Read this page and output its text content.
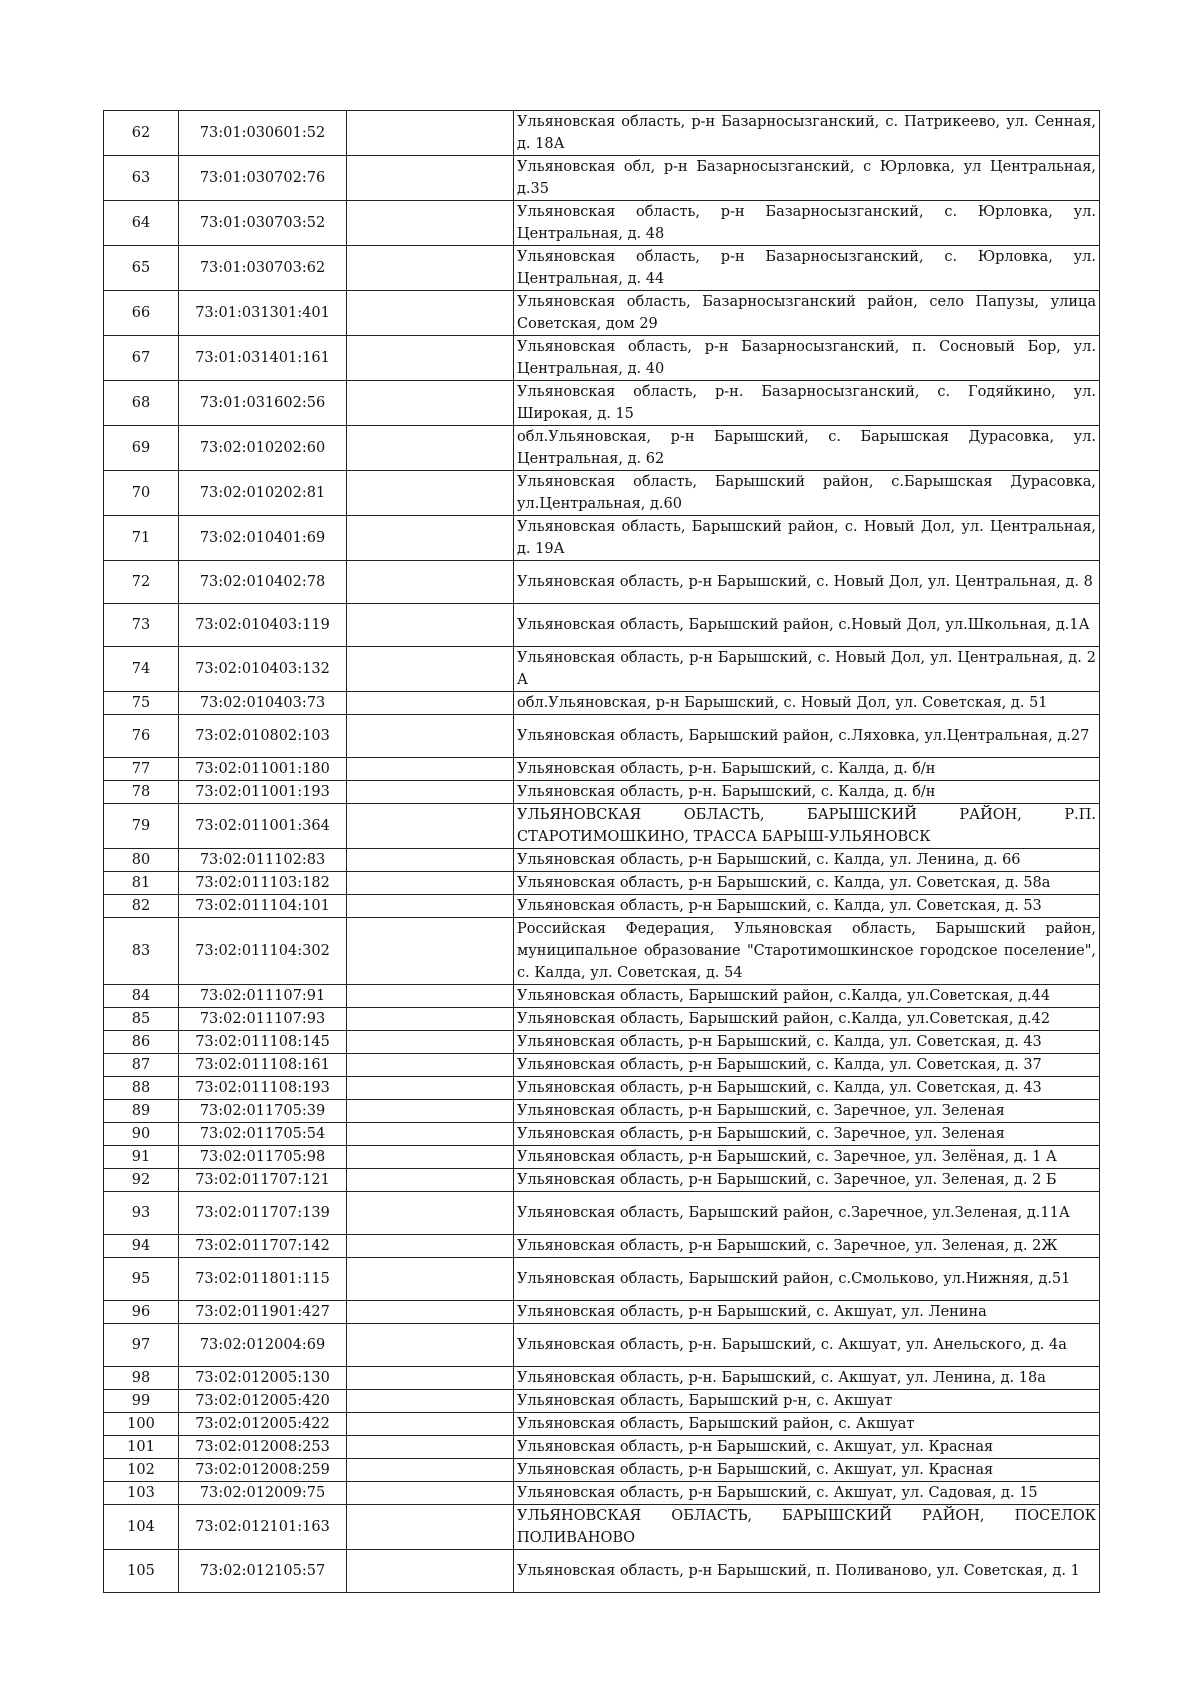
62	73:01:030601:52		Ульяновская область, р-н Базарносызганский, с. Патрикеево, ул. Сенная, д. 18А
63	73:01:030702:76		Ульяновская обл, р-н Базарносызганский, с Юрловка, ул Центральная, д.35
64	73:01:030703:52		Ульяновская область, р-н Базарносызганский, с. Юрловка, ул. Центральная, д. 48
65	73:01:030703:62		Ульяновская область, р-н Базарносызганский, с. Юрловка, ул. Центральная, д. 44
66	73:01:031301:401		Ульяновская область, Базарносызганский район, село Папузы, улица Советская, дом 29
67	73:01:031401:161		Ульяновская область, р-н Базарносызганский, п. Сосновый Бор, ул. Центральная, д. 40
68	73:01:031602:56		Ульяновская область, р-н. Базарносызганский, с. Годяйкино, ул. Широкая, д. 15
69	73:02:010202:60		обл.Ульяновская, р-н Барышский, с. Барышская Дурасовка, ул. Центральная, д. 62
70	73:02:010202:81		Ульяновская область, Барышский район, с.Барышская Дурасовка, ул.Центральная, д.60
71	73:02:010401:69		Ульяновская область, Барышский район, с. Новый Дол, ул. Центральная, д. 19А
72	73:02:010402:78		Ульяновская область, р-н Барышский, с. Новый Дол, ул. Центральная, д. 8
73	73:02:010403:119		Ульяновская область, Барышский район, с.Новый Дол, ул.Школьная, д.1А
74	73:02:010403:132		Ульяновская область, р-н Барышский, с. Новый Дол, ул. Центральная, д. 2 А
75	73:02:010403:73		обл.Ульяновская, р-н Барышский, с. Новый Дол, ул. Советская, д. 51
76	73:02:010802:103		Ульяновская область, Барышский район, с.Ляховка, ул.Центральная, д.27
77	73:02:011001:180		Ульяновская область, р-н. Барышский, с. Калда, д. б/н
78	73:02:011001:193		Ульяновская область, р-н. Барышский, с. Калда, д. б/н
79	73:02:011001:364		УЛЬЯНОВСКАЯ ОБЛАСТЬ, БАРЫШСКИЙ РАЙОН, Р.П. СТАРОТИМОШКИНО, ТРАССА БАРЫШ-УЛЬЯНОВСК
80	73:02:011102:83		Ульяновская область, р-н Барышский, с. Калда, ул. Ленина, д. 66
81	73:02:011103:182		Ульяновская область, р-н Барышский, с. Калда, ул. Советская, д. 58а
82	73:02:011104:101		Ульяновская область, р-н Барышский, с. Калда, ул. Советская, д. 53
83	73:02:011104:302		Российская Федерация, Ульяновская область, Барышский район, муниципальное образование "Старотимошкинское городское поселение", с. Калда, ул. Советская, д. 54
84	73:02:011107:91		Ульяновская область, Барышский район, с.Калда, ул.Советская, д.44
85	73:02:011107:93		Ульяновская область, Барышский район, с.Калда, ул.Советская, д.42
86	73:02:011108:145		Ульяновская область, р-н Барышский, с. Калда, ул. Советская, д. 43
87	73:02:011108:161		Ульяновская область, р-н Барышский, с. Калда, ул. Советская, д. 37
88	73:02:011108:193		Ульяновская область, р-н Барышский, с. Калда, ул. Советская, д. 43
89	73:02:011705:39		Ульяновская область, р-н Барышский, с. Заречное, ул. Зеленая
90	73:02:011705:54		Ульяновская область, р-н Барышский, с. Заречное, ул. Зеленая
91	73:02:011705:98		Ульяновская область, р-н Барышский, с. Заречное, ул. Зелёная, д. 1 А
92	73:02:011707:121		Ульяновская область, р-н Барышский, с. Заречное, ул. Зеленая, д. 2 Б
93	73:02:011707:139		Ульяновская область, Барышский район, с.Заречное, ул.Зеленая, д.11А
94	73:02:011707:142		Ульяновская область, р-н Барышский, с. Заречное, ул. Зеленая, д. 2Ж
95	73:02:011801:115		Ульяновская область, Барышский район, с.Смольково, ул.Нижняя, д.51
96	73:02:011901:427		Ульяновская область, р-н Барышский, с. Акшуат, ул. Ленина
97	73:02:012004:69		Ульяновская область, р-н. Барышский, с. Акшуат, ул. Анельского, д. 4а
98	73:02:012005:130		Ульяновская область, р-н. Барышский, с. Акшуат, ул. Ленина, д. 18а
99	73:02:012005:420		Ульяновская область, Барышский р-н, с. Акшуат
100	73:02:012005:422		Ульяновская область, Барышский район, с. Акшуат
101	73:02:012008:253		Ульяновская область, р-н Барышский, с. Акшуат, ул. Красная
102	73:02:012008:259		Ульяновская область, р-н Барышский, с. Акшуат, ул. Красная
103	73:02:012009:75		Ульяновская область, р-н Барышский, с. Акшуат, ул. Садовая, д. 15
104	73:02:012101:163		УЛЬЯНОВСКАЯ ОБЛАСТЬ, БАРЫШСКИЙ РАЙОН, ПОСЕЛОК ПОЛИВАНОВО
105	73:02:012105:57		Ульяновская область, р-н Барышский, п. Поливаново, ул. Советская, д. 1
